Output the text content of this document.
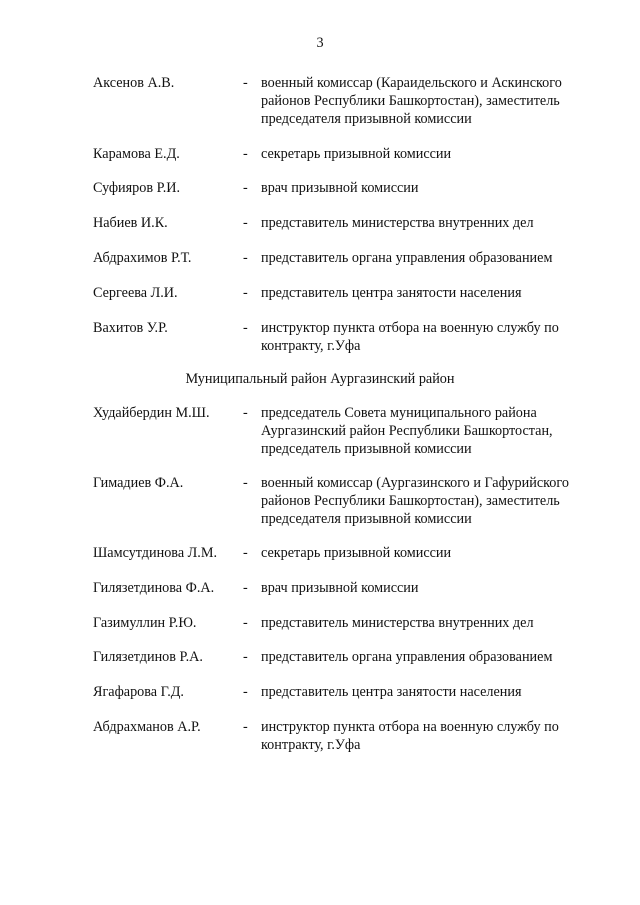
3
Аксенов А.В.	- военный комиссар (Караидельского и Аскинского
районов Республики Башкортостан), заместитель
председателя призывной комиссии
Карамова Е.Д.	- секретарь призывной комиссии
Суфияров Р.И.	- врач призывной комиссии
Набиев И.К.	- представитель министерства внутренних дел
Абдрахимов Р.Т.	- представитель органа управления образованием
Сергеева Л.И.	- представитель центра занятости населения
Вахитов У.Р.	- инструктор пункта отбора на военную службу по
контракту, г.Уфа
Муниципальный район Аургазинский район
Худайбердин М.Ш. - председатель Совета муниципального района
Аургазинский район Республики Башкортостан,
председатель призывной комиссии
Гимадиев Ф.А.	- военный комиссар (Аургазинского и Гафурийского
районов Республики Башкортостан), заместитель
председателя призывной комиссии
Шамсутдинова Л.М. - секретарь призывной комиссии
Гилязетдинова Ф.А. - врач призывной комиссии
Газимуллин Р.Ю.	- представитель министерства внутренних дел
Гилязетдинов Р.А.	- представитель органа управления образованием
Ягафарова Г.Д.	- представитель центра занятости населения
Абдрахманов А.Р.	- инструктор пункта отбора на военную службу по
контракту, г.Уфа
